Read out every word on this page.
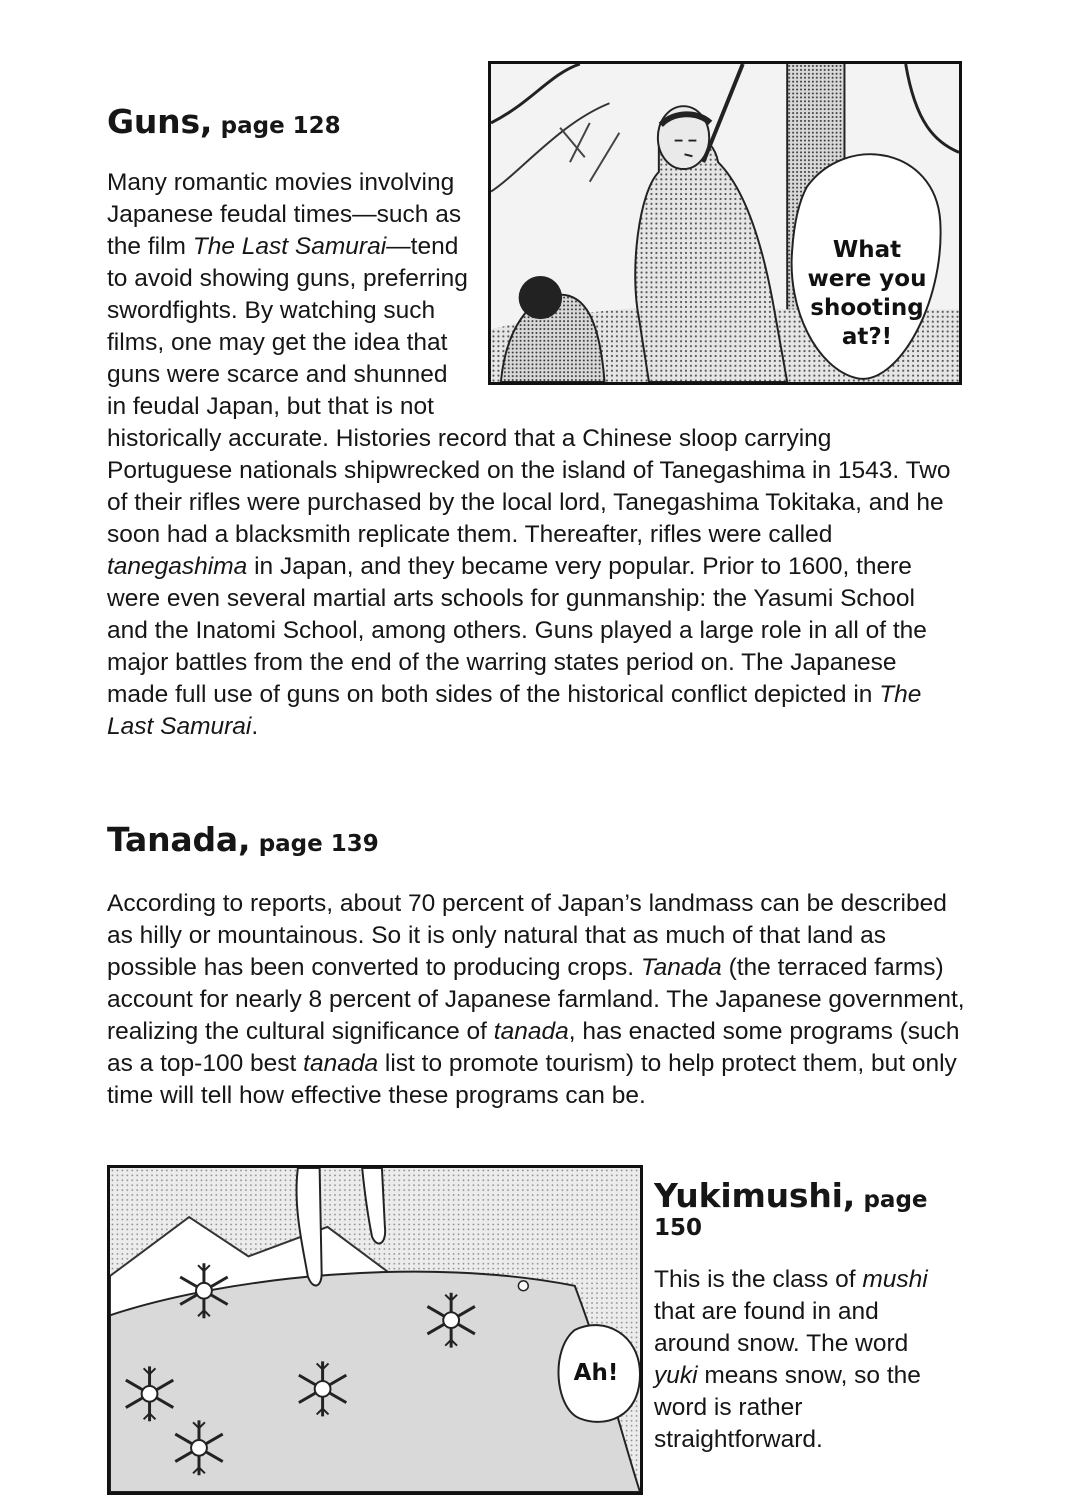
What were you shooting at?!
Guns, page 128

Many romantic movies involving Japanese feudal times—such as the film The Last Samurai—tend to avoid showing guns, preferring swordfights. By watching such films, one may get the idea that guns were scarce and shunned in feudal Japan, but that is not historically accurate. Histories record that a Chinese sloop carrying Portuguese nationals shipwrecked on the island of Tanegashima in 1543. Two of their rifles were purchased by the local lord, Tanegashima Tokitaka, and he soon had a blacksmith replicate them. Thereafter, rifles were called tanegashima in Japan, and they became very popular. Prior to 1600, there were even several martial arts schools for gunmanship: the Yasumi School and the Inatomi School, among others. Guns played a large role in all of the major battles from the end of the warring states period on. The Japanese made full use of guns on both sides of the historical conflict depicted in The Last Samurai.

Tanada, page 139

According to reports, about 70 percent of Japan’s landmass can be described as hilly or mountainous. So it is only natural that as much of that land as possible has been converted to producing crops. Tanada (the terraced farms) account for nearly 8 percent of Japanese farmland. The Japanese government, realizing the cultural significance of tanada, has enacted some programs (such as a top-100 best tanada list to promote tourism) to help protect them, but only time will tell how effective these programs can be.

Ah!
Yukimushi, page 150

This is the class of mushi that are found in and around snow. The word yuki means snow, so the word is rather straightforward.
